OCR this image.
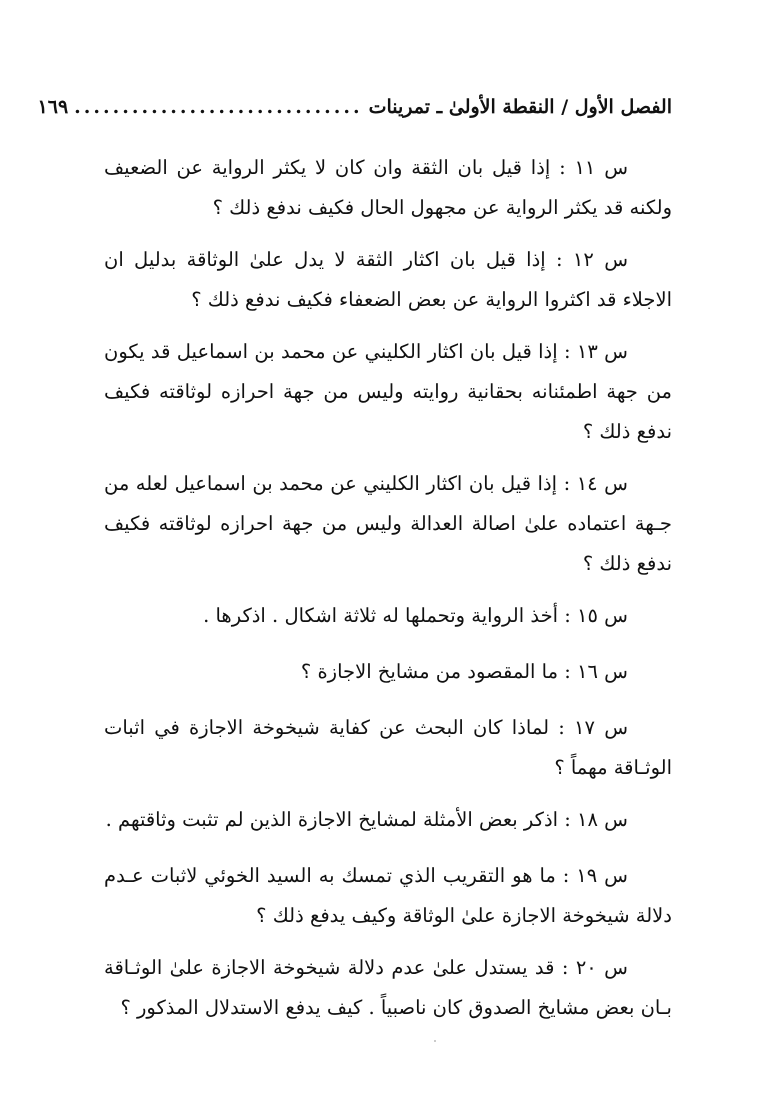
الفصل الأول / النقطة الأولىٰ ـ تمرينات
..............................
١٦٩

س ١١ : إذا قيل بان الثقة وان كان لا يكثر الرواية عن الضعيف ولكنه قد يكثر الرواية عن مجهول الحال فكيف ندفع ذلك ؟

س ١٢ : إذا قيل بان اكثار الثقة لا يدل علىٰ الوثاقة بدليل ان الاجلاء قد اكثروا الرواية عن بعض الضعفاء فكيف ندفع ذلك ؟

س ١٣ : إذا قيل بان اكثار الكليني عن محمد بن اسماعيل قد يكون من جهة اطمئنانه بحقانية روايته وليس من جهة احرازه لوثاقته فكيف ندفع ذلك ؟

س ١٤ : إذا قيل بان اكثار الكليني عن محمد بن اسماعيل لعله من جـهة اعتماده علىٰ اصالة العدالة وليس من جهة احرازه لوثاقته فكيف ندفع ذلك ؟

س ١٥ : أخذ الرواية وتحملها له ثلاثة اشكال . اذكرها .

س ١٦ : ما المقصود من مشايخ الاجازة ؟

س ١٧ : لماذا كان البحث عن كفاية شيخوخة الاجازة في اثبات الوثـاقة مهماً ؟

س ١٨ : اذكر بعض الأمثلة لمشايخ الاجازة الذين لم تثبت وثاقتهم .

س ١٩ : ما هو التقريب الذي تمسك به السيد الخوئي لاثبات عـدم دلالة شيخوخة الاجازة علىٰ الوثاقة وكيف يدفع ذلك ؟

س ٢٠ : قد يستدل علىٰ عدم دلالة شيخوخة الاجازة علىٰ الوثـاقة بـان بعض مشايخ الصدوق كان ناصبياً . كيف يدفع الاستدلال المذكور ؟
